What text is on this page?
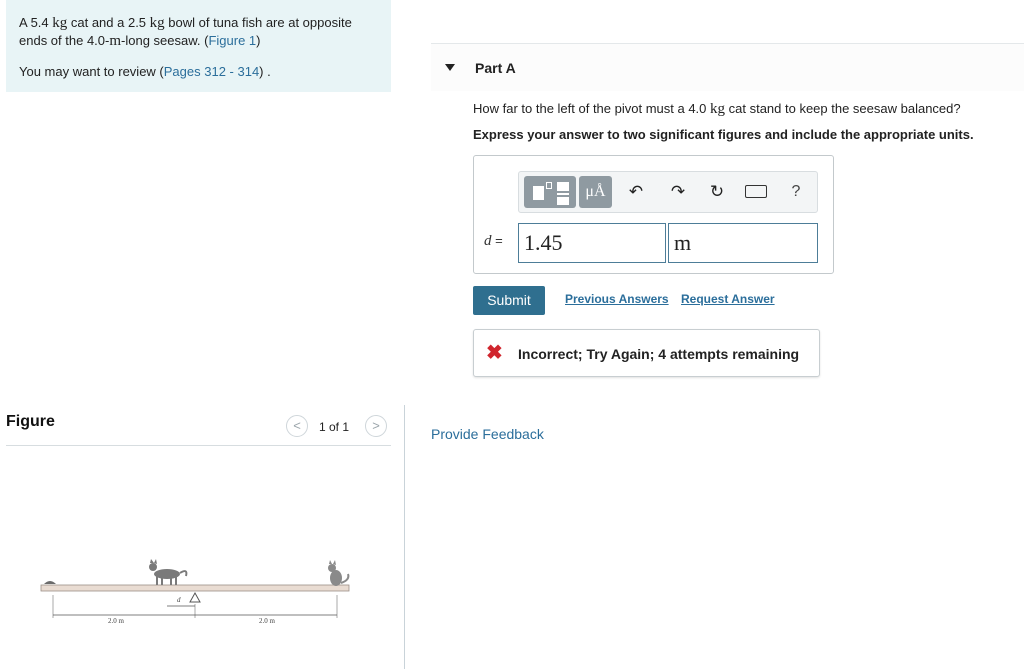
A 5.4 kg cat and a 2.5 kg bowl of tuna fish are at opposite ends of the 4.0-m-long seesaw. (Figure 1)

You may want to review (Pages 312 - 314) .

Figure	<	1 of 1	>
d
2.0 m	2.0 m
Part A
How far to the left of the pivot must a 4.0 kg cat stand to keep the seesaw balanced?
Express your answer to two significant figures and include the appropriate units.
μÅ	↶ ↷ ↻	?
d = 1.45	m
Submit	Previous Answers Request Answer
✖ Incorrect; Try Again; 4 attempts remaining
Provide Feedback
